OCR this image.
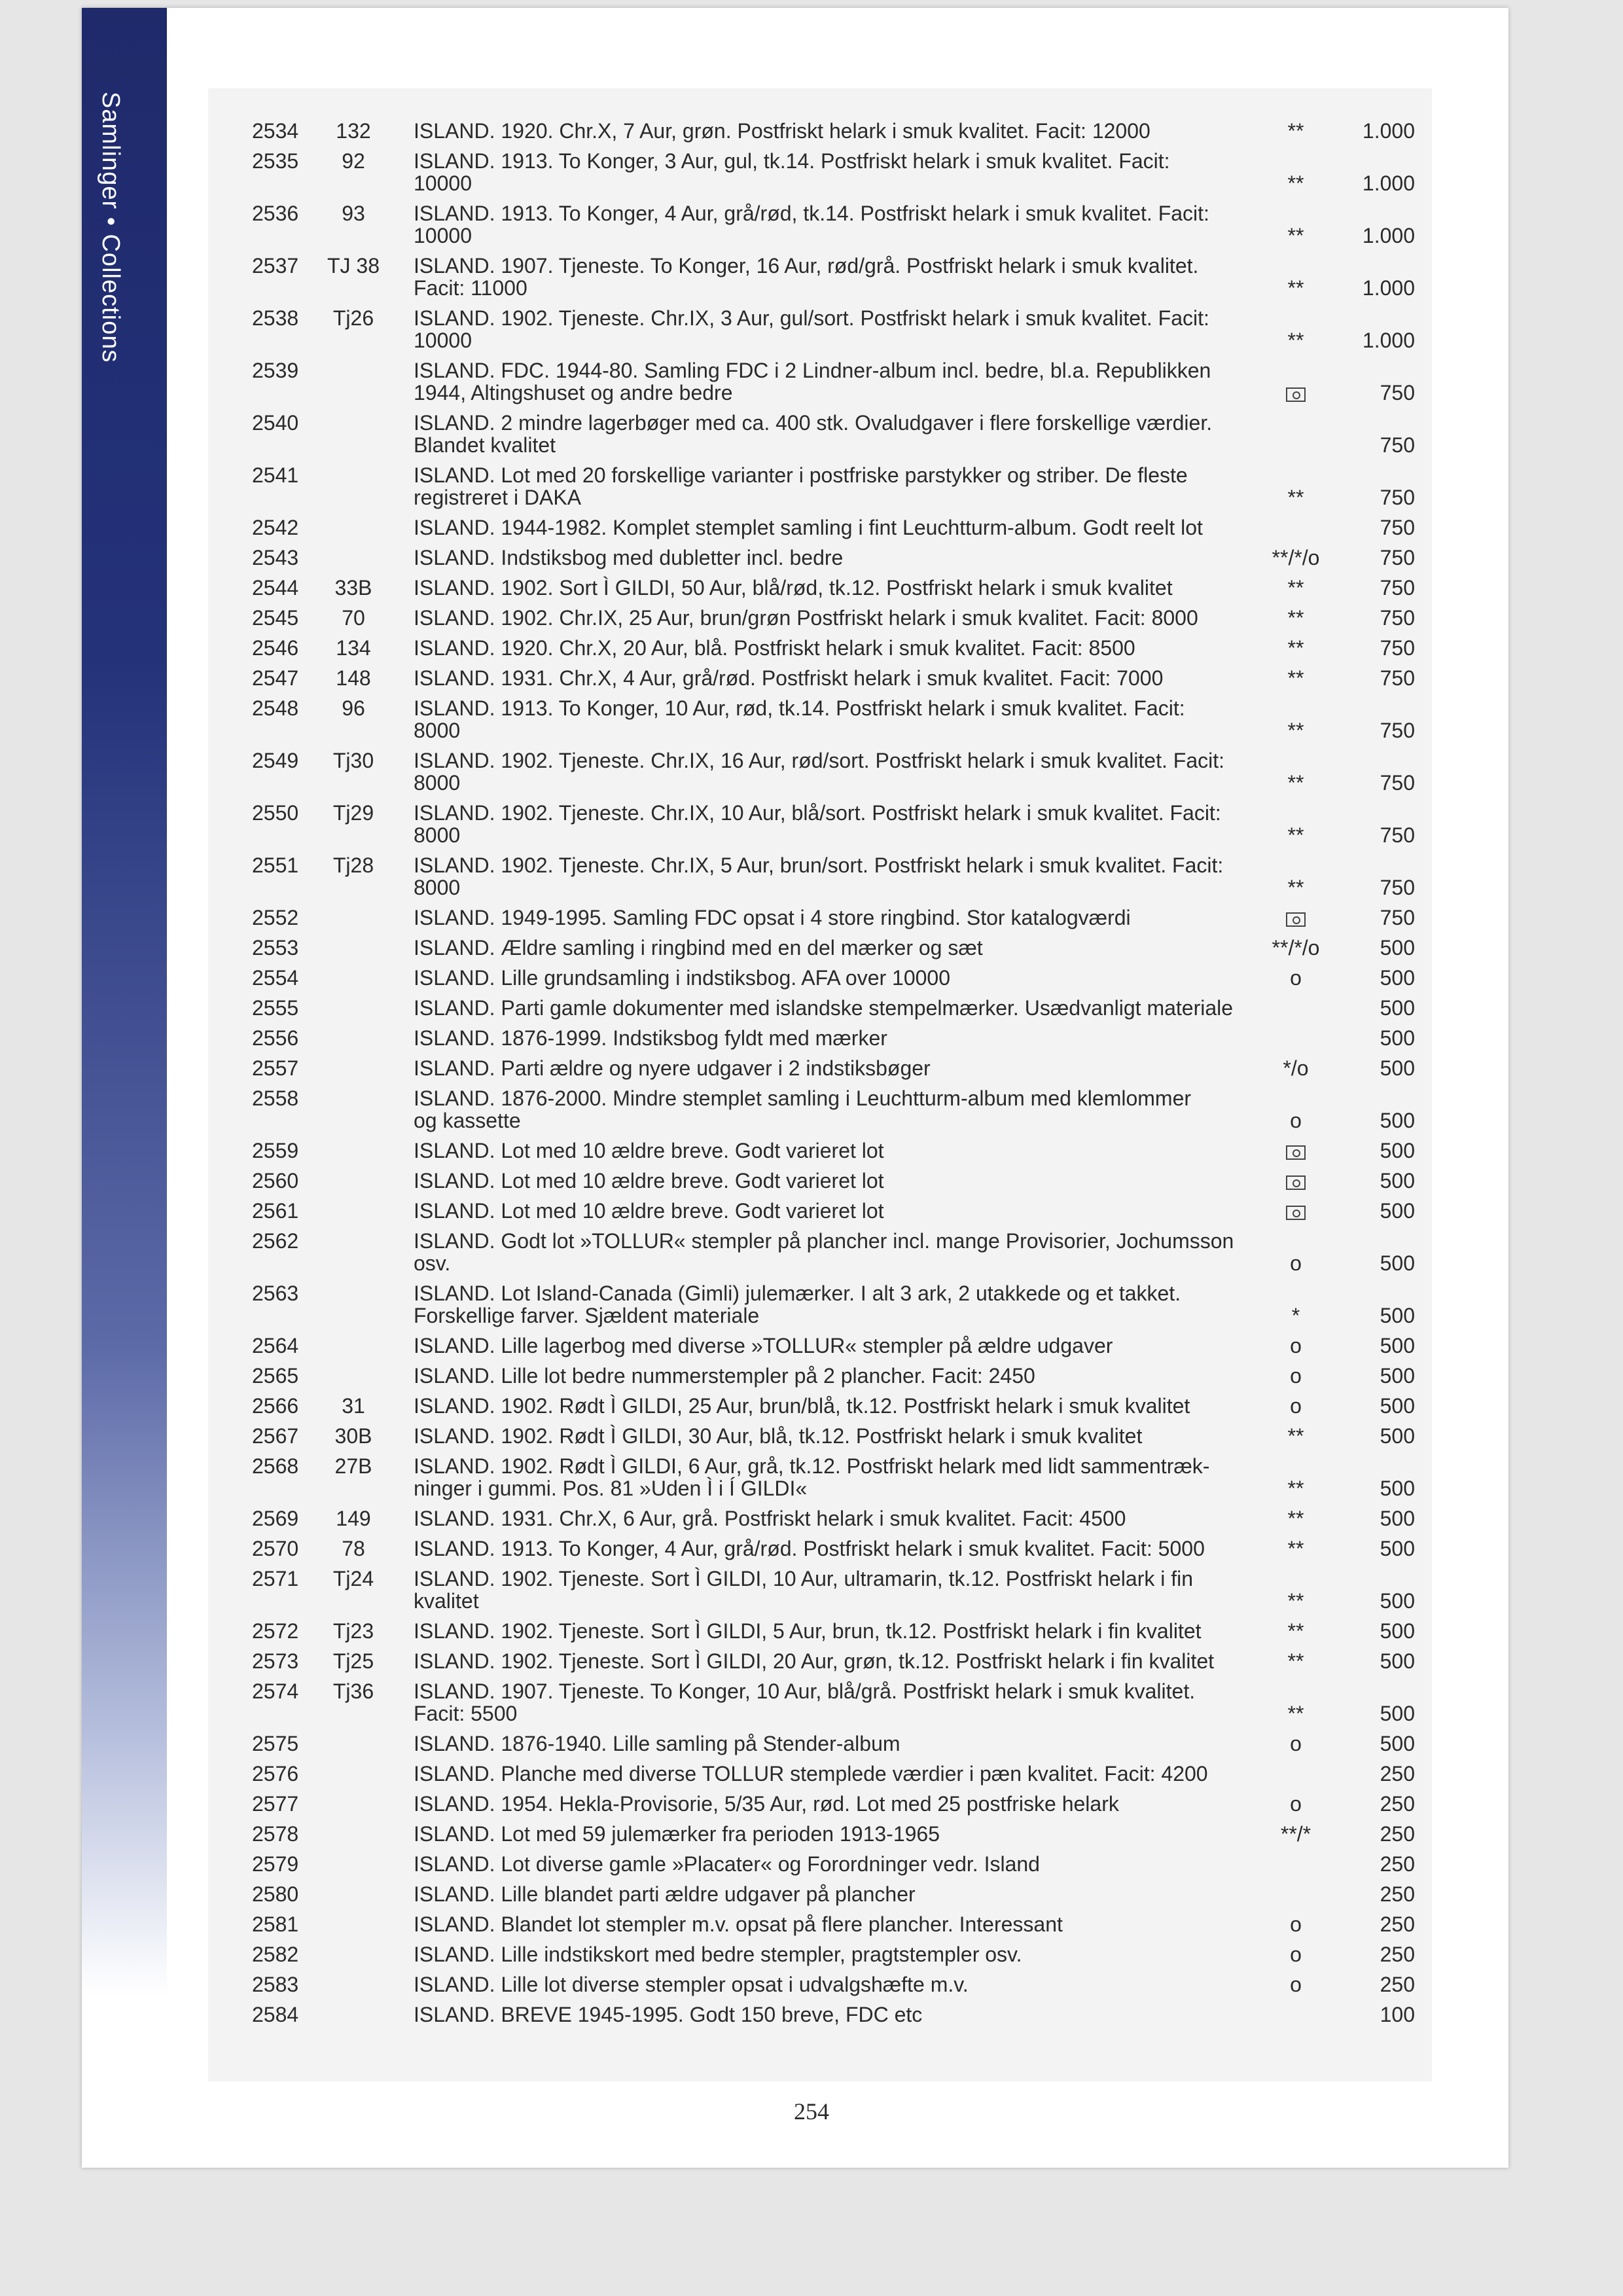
Samlinger • Collections	2534	132	ISLAND. 1920. Chr.X, 7 Aur, grøn. Postfriskt helark i smuk kvalitet. Facit: 12000	**	1.000
2535	92	ISLAND. 1913. To Konger, 3 Aur, gul, tk.14. Postfriskt helark i smuk kvalitet. Facit:
10000	**	1.000
2536	93	ISLAND. 1913. To Konger, 4 Aur, grå/rød, tk.14. Postfriskt helark i smuk kvalitet. Facit:
10000	**	1.000
2537	TJ 38	ISLAND. 1907. Tjeneste. To Konger, 16 Aur, rød/grå. Postfriskt helark i smuk kvalitet.
Facit: 11000	**	1.000
2538	Tj26	ISLAND. 1902. Tjeneste. Chr.IX, 3 Aur, gul/sort. Postfriskt helark i smuk kvalitet. Facit:
10000	**	1.000
2539	ISLAND. FDC. 1944-80. Samling FDC i 2 Lindner-album incl. bedre, bl.a. Republikken
1944, Altingshuset og andre bedre	750
2540	ISLAND. 2 mindre lagerbøger med ca. 400 stk. Ovaludgaver i flere forskellige værdier.
Blandet kvalitet	750
2541	ISLAND. Lot med 20 forskellige varianter i postfriske parstykker og striber. De fleste
registreret i DAKA	**	750
2542	ISLAND. 1944-1982. Komplet stemplet samling i fint Leuchtturm-album. Godt reelt lot	750
2543	ISLAND. Indstiksbog med dubletter incl. bedre	**/*/o	750
2544	33B	ISLAND. 1902. Sort Ì GILDI, 50 Aur, blå/rød, tk.12. Postfriskt helark i smuk kvalitet	**	750
2545	70	ISLAND. 1902. Chr.IX, 25 Aur, brun/grøn Postfriskt helark i smuk kvalitet. Facit: 8000	**	750
2546	134	ISLAND. 1920. Chr.X, 20 Aur, blå. Postfriskt helark i smuk kvalitet. Facit: 8500	**	750
2547	148	ISLAND. 1931. Chr.X, 4 Aur, grå/rød. Postfriskt helark i smuk kvalitet. Facit: 7000	**	750
2548	96	ISLAND. 1913. To Konger, 10 Aur, rød, tk.14. Postfriskt helark i smuk kvalitet. Facit:
8000	**	750
2549	Tj30	ISLAND. 1902. Tjeneste. Chr.IX, 16 Aur, rød/sort. Postfriskt helark i smuk kvalitet. Facit:
8000	**	750
2550	Tj29	ISLAND. 1902. Tjeneste. Chr.IX, 10 Aur, blå/sort. Postfriskt helark i smuk kvalitet. Facit:
8000	**	750
2551	Tj28	ISLAND. 1902. Tjeneste. Chr.IX, 5 Aur, brun/sort. Postfriskt helark i smuk kvalitet. Facit:
8000	**	750
2552	ISLAND. 1949-1995. Samling FDC opsat i 4 store ringbind. Stor katalogværdi	750
2553	ISLAND. Ældre samling i ringbind med en del mærker og sæt	**/*/o	500
2554	ISLAND. Lille grundsamling i indstiksbog. AFA over 10000	o	500
2555	ISLAND. Parti gamle dokumenter med islandske stempelmærker. Usædvanligt materiale	500
2556	ISLAND. 1876-1999. Indstiksbog fyldt med mærker	500
2557	ISLAND. Parti ældre og nyere udgaver i 2 indstiksbøger	*/o	500
2558	ISLAND. 1876-2000. Mindre stemplet samling i Leuchtturm-album med klemlommer
og kassette	o	500
2559	ISLAND. Lot med 10 ældre breve. Godt varieret lot	500
2560	ISLAND. Lot med 10 ældre breve. Godt varieret lot	500
2561	ISLAND. Lot med 10 ældre breve. Godt varieret lot	500
2562	ISLAND. Godt lot »TOLLUR« stempler på plancher incl. mange Provisorier, Jochumsson
osv.	o	500
2563	ISLAND. Lot Island-Canada (Gimli) julemærker. I alt 3 ark, 2 utakkede og et takket.
Forskellige farver. Sjældent materiale	*	500
2564	ISLAND. Lille lagerbog med diverse »TOLLUR« stempler på ældre udgaver	o	500
2565	ISLAND. Lille lot bedre nummerstempler på 2 plancher. Facit: 2450	o	500
2566	31	ISLAND. 1902. Rødt Ì GILDI, 25 Aur, brun/blå, tk.12. Postfriskt helark i smuk kvalitet	o	500
2567	30B	ISLAND. 1902. Rødt Ì GILDI, 30 Aur, blå, tk.12. Postfriskt helark i smuk kvalitet	**	500
2568	27B	ISLAND. 1902. Rødt Ì GILDI, 6 Aur, grå, tk.12. Postfriskt helark med lidt sammentræk-
ninger i gummi. Pos. 81 »Uden Ì i Í GILDI«	**	500
2569	149	ISLAND. 1931. Chr.X, 6 Aur, grå. Postfriskt helark i smuk kvalitet. Facit: 4500	**	500
2570	78	ISLAND. 1913. To Konger, 4 Aur, grå/rød. Postfriskt helark i smuk kvalitet. Facit: 5000	**	500
2571	Tj24	ISLAND. 1902. Tjeneste. Sort Ì GILDI, 10 Aur, ultramarin, tk.12. Postfriskt helark i fin
kvalitet	**	500
2572	Tj23	ISLAND. 1902. Tjeneste. Sort Ì GILDI, 5 Aur, brun, tk.12. Postfriskt helark i fin kvalitet	**	500
2573	Tj25	ISLAND. 1902. Tjeneste. Sort Ì GILDI, 20 Aur, grøn, tk.12. Postfriskt helark i fin kvalitet	**	500
2574	Tj36	ISLAND. 1907. Tjeneste. To Konger, 10 Aur, blå/grå. Postfriskt helark i smuk kvalitet.
Facit: 5500	**	500
2575	ISLAND. 1876-1940. Lille samling på Stender-album	o	500
2576	ISLAND. Planche med diverse TOLLUR stemplede værdier i pæn kvalitet. Facit: 4200	250
2577	ISLAND. 1954. Hekla-Provisorie, 5/35 Aur, rød. Lot med 25 postfriske helark	o	250
2578	ISLAND. Lot med 59 julemærker fra perioden 1913-1965	**/*	250
2579	ISLAND. Lot diverse gamle »Placater« og Forordninger vedr. Island	250
2580	ISLAND. Lille blandet parti ældre udgaver på plancher	250
2581	ISLAND. Blandet lot stempler m.v. opsat på flere plancher. Interessant	o	250
2582	ISLAND. Lille indstikskort med bedre stempler, pragtstempler osv.	o	250
2583	ISLAND. Lille lot diverse stempler opsat i udvalgshæfte m.v.	o	250
2584	ISLAND. BREVE 1945-1995. Godt 150 breve, FDC etc	100
254
